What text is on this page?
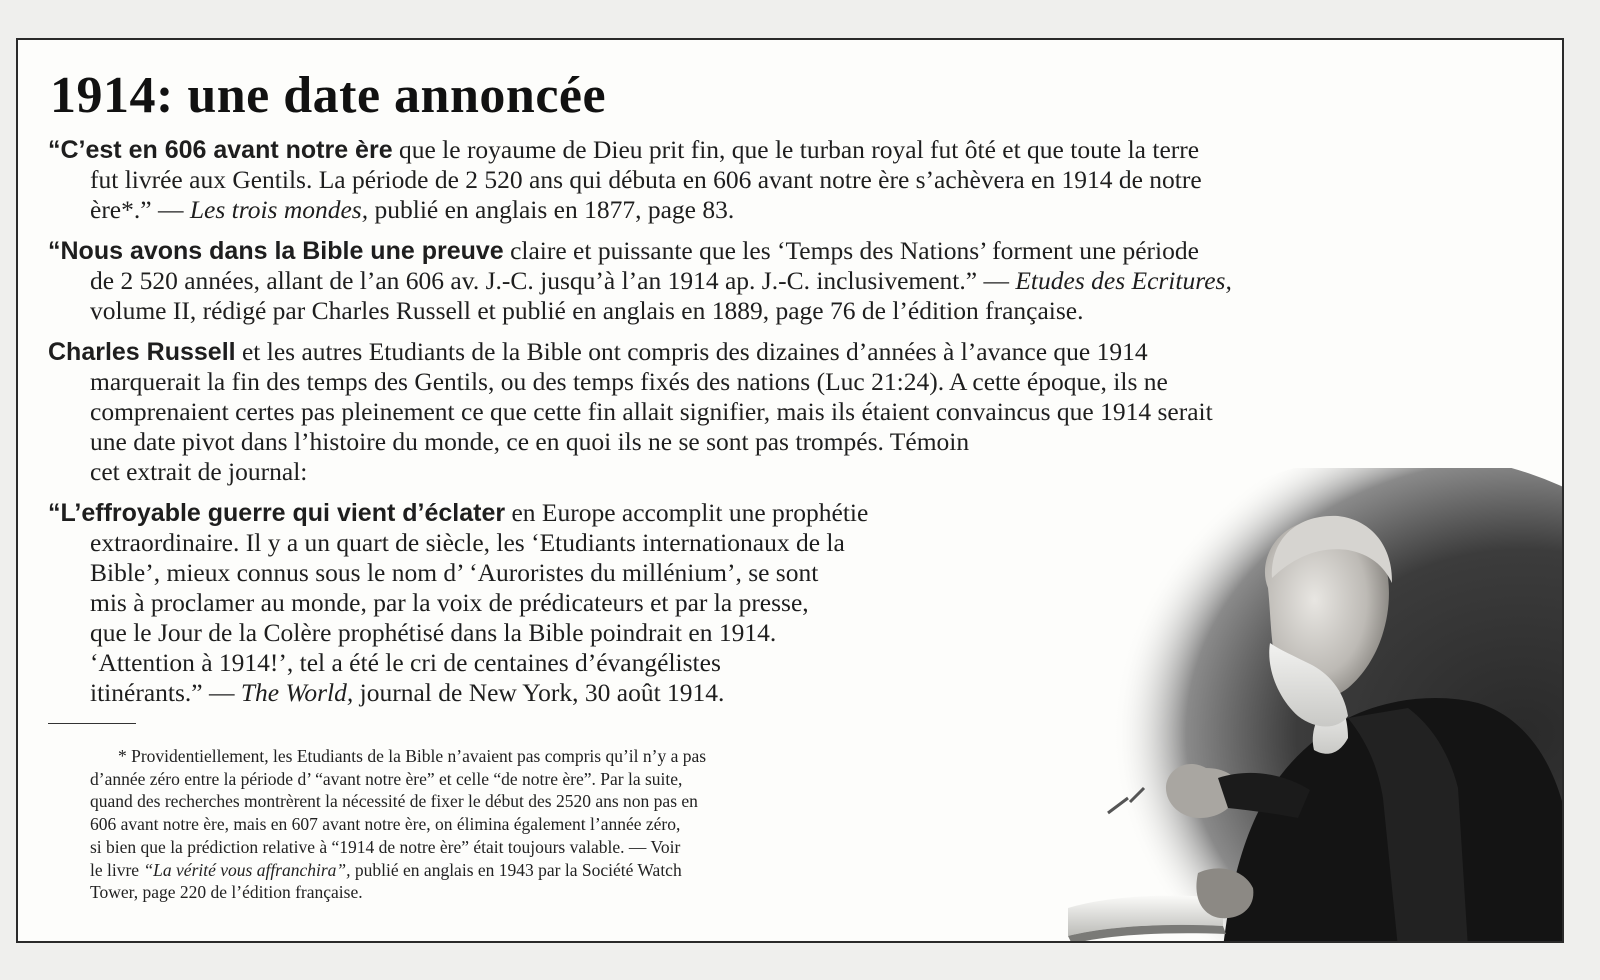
1914: une date annoncée

“C’est en 606 avant notre ère que le royaume de Dieu prit fin, que le turban royal fut ôté et que toute la terre
fut livrée aux Gentils. La période de 2 520 ans qui débuta en 606 avant notre ère s’achèvera en 1914 de notre
ère*.” — Les trois mondes, publié en anglais en 1877, page 83.

“Nous avons dans la Bible une preuve claire et puissante que les ‘Temps des Nations’ forment une période
de 2 520 années, allant de l’an 606 av. J.-C. jusqu’à l’an 1914 ap. J.-C. inclusivement.” — Etudes des Ecritures,
volume II, rédigé par Charles Russell et publié en anglais en 1889, page 76 de l’édition française.

Charles Russell et les autres Etudiants de la Bible ont compris des dizaines d’années à l’avance que 1914
marquerait la fin des temps des Gentils, ou des temps fixés des nations (Luc 21:24). A cette époque, ils ne
comprenaient certes pas pleinement ce que cette fin allait signifier, mais ils étaient convaincus que 1914 serait
une date pivot dans l’histoire du monde, ce en quoi ils ne se sont pas trompés. Témoin
cet extrait de journal:

“L’effroyable guerre qui vient d’éclater en Europe accomplit une prophétie
extraordinaire. Il y a un quart de siècle, les ‘Etudiants internationaux de la
Bible’, mieux connus sous le nom d’ ‘Auroristes du millénium’, se sont
mis à proclamer au monde, par la voix de prédicateurs et par la presse,
que le Jour de la Colère prophétisé dans la Bible poindrait en 1914.
‘Attention à 1914!’, tel a été le cri de centaines d’évangélistes
itinérants.” — The World, journal de New York, 30 août 1914.

* Providentiellement, les Etudiants de la Bible n’avaient pas compris qu’il n’y a pas
d’année zéro entre la période d’ “avant notre ère” et celle “de notre ère”. Par la suite,
quand des recherches montrèrent la nécessité de fixer le début des 2520 ans non pas en
606 avant notre ère, mais en 607 avant notre ère, on élimina également l’année zéro,
si bien que la prédiction relative à “1914 de notre ère” était toujours valable. — Voir
le livre “La vérité vous affranchira”, publié en anglais en 1943 par la Société Watch
Tower, page 220 de l’édition française.
